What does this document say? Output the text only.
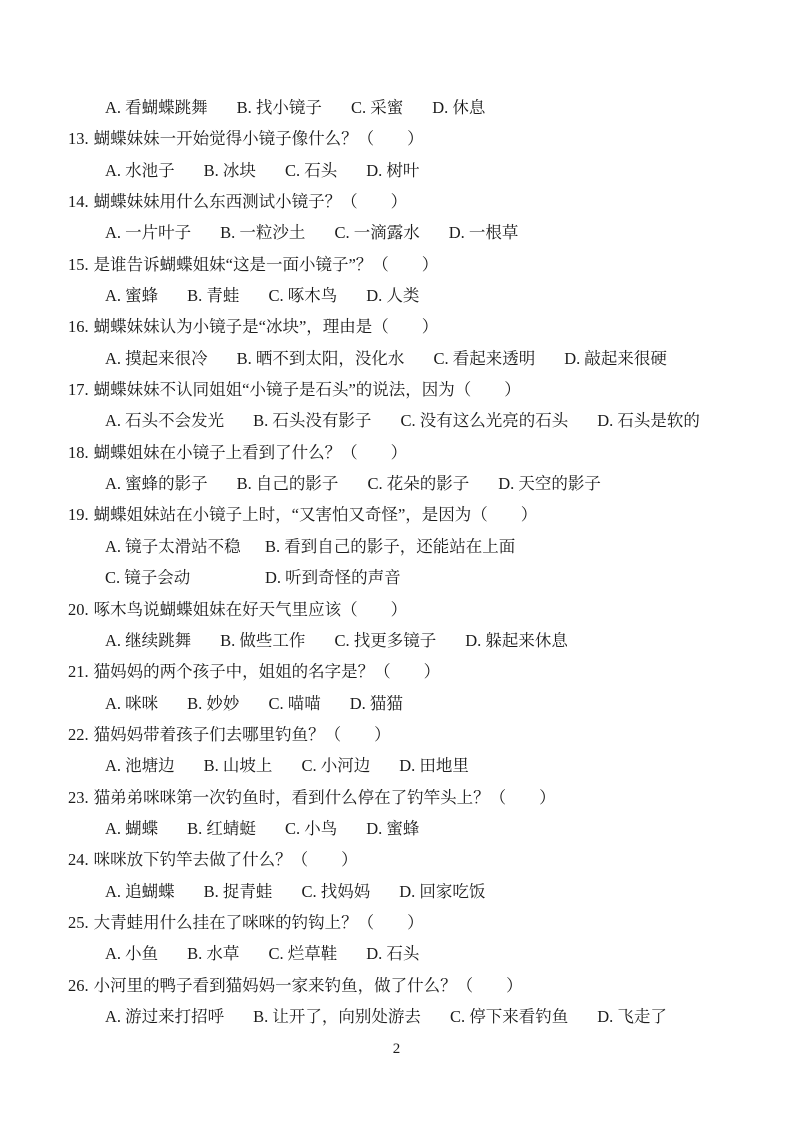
A. 看蝴蝶跳舞 B. 找小镜子 C. 采蜜 D. 休息
13. 蝴蝶妹妹一开始觉得小镜子像什么？（　　）
A. 水池子 B. 冰块 C. 石头 D. 树叶
14. 蝴蝶妹妹用什么东西测试小镜子？（　　）
A. 一片叶子 B. 一粒沙土 C. 一滴露水 D. 一根草
15. 是谁告诉蝴蝶姐妹“这是一面小镜子”？（　　）
A. 蜜蜂 B. 青蛙 C. 啄木鸟 D. 人类
16. 蝴蝶妹妹认为小镜子是“冰块”，理由是（　　）
A. 摸起来很冷 B. 晒不到太阳，没化水 C. 看起来透明 D. 敲起来很硬
17. 蝴蝶妹妹不认同姐姐“小镜子是石头”的说法，因为（　　）
A. 石头不会发光 B. 石头没有影子 C. 没有这么光亮的石头 D. 石头是软的
18. 蝴蝶姐妹在小镜子上看到了什么？（　　）
A. 蜜蜂的影子 B. 自己的影子 C. 花朵的影子 D. 天空的影子
19. 蝴蝶姐妹站在小镜子上时，“又害怕又奇怪”，是因为（　　）
A. 镜子太滑站不稳 B. 看到自己的影子，还能站在上面
C. 镜子会动	D. 听到奇怪的声音
20. 啄木鸟说蝴蝶姐妹在好天气里应该（　　）
A. 继续跳舞 B. 做些工作 C. 找更多镜子 D. 躲起来休息
21. 猫妈妈的两个孩子中，姐姐的名字是？（　　）
A. 咪咪 B. 妙妙 C. 喵喵 D. 猫猫
22. 猫妈妈带着孩子们去哪里钓鱼？（　　）
A. 池塘边 B. 山坡上 C. 小河边 D. 田地里
23. 猫弟弟咪咪第一次钓鱼时，看到什么停在了钓竿头上？（　　）
A. 蝴蝶 B. 红蜻蜓 C. 小鸟 D. 蜜蜂
24. 咪咪放下钓竿去做了什么？（　　）
A. 追蝴蝶 B. 捉青蛙 C. 找妈妈 D. 回家吃饭
25. 大青蛙用什么挂在了咪咪的钓钩上？（　　）
A. 小鱼 B. 水草 C. 烂草鞋 D. 石头
26. 小河里的鸭子看到猫妈妈一家来钓鱼，做了什么？（　　）
A. 游过来打招呼 B. 让开了，向别处游去 C. 停下来看钓鱼 D. 飞走了
2
